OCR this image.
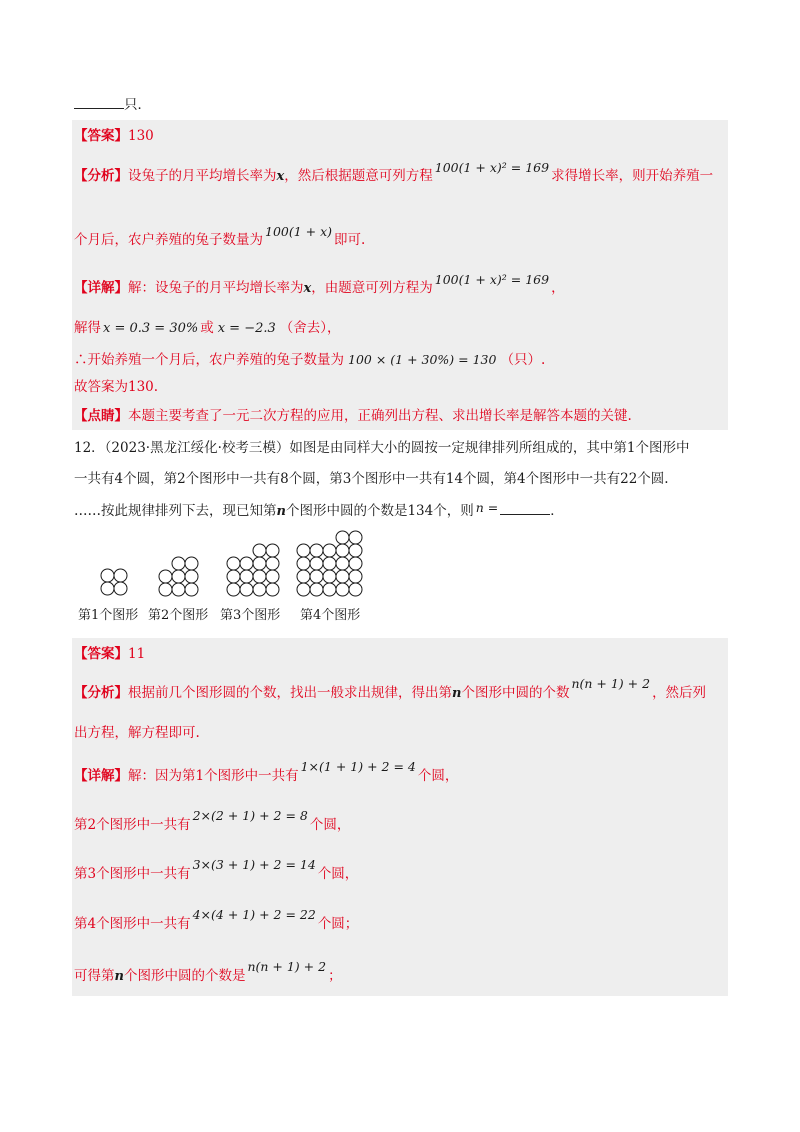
只．
【答案】130
【分析】设兔子的月平均增长率为x，然后根据题意可列方程100(1 + x)² = 169求得增长率，则开始养殖一
个月后，农户养殖的兔子数量为100(1 + x)即可.
【详解】解：设兔子的月平均增长率为x，由题意可列方程为100(1 + x)² = 169，
解得 x = 0.3 = 30% 或 x = −2.3 （舍去），
∴开始养殖一个月后，农户养殖的兔子数量为 100 × (1 + 30%) = 130 （只）.
故答案为130.
【点睛】本题主要考查了一元二次方程的应用，正确列出方程、求出增长率是解答本题的关键.
12．（2023·黑龙江绥化·校考三模）如图是由同样大小的圆按一定规律排列所组成的，其中第1个图形中
一共有4个圆，第2个图形中一共有8个圆，第3个图形中一共有14个圆，第4个图形中一共有22个圆.
……按此规律排列下去，现已知第n个图形中圆的个数是134个，则 n =	．
第1个图形 第2个图形 第3个图形 第4个图形
【答案】11
【分析】根据前几个图形圆的个数，找出一般求出规律，得出第n个图形中圆的个数n(n + 1) + 2，然后列
出方程，解方程即可.
【详解】解：因为第1个图形中一共有1×(1 + 1) + 2 = 4个圆，
第2个图形中一共有2×(2 + 1) + 2 = 8个圆，
第3个图形中一共有3×(3 + 1) + 2 = 14个圆，
第4个图形中一共有4×(4 + 1) + 2 = 22个圆；
可得第n个图形中圆的个数是n(n + 1) + 2；
